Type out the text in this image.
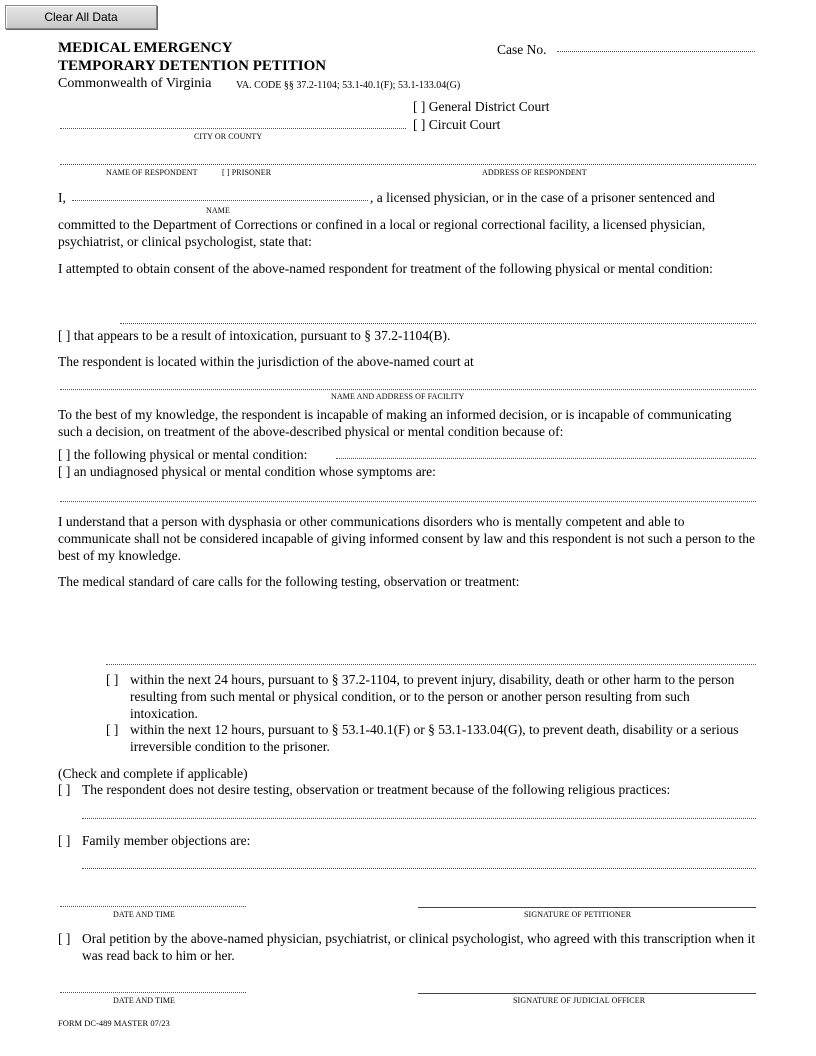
Clear All Data
MEDICAL EMERGENCY
TEMPORARY DETENTION PETITION
Commonwealth of Virginia VA. CODE §§ 37.2-1104; 53.1-40.1(F); 53.1-133.04(G)
Case No.
[ ] General District Court
[ ] Circuit Court
CITY OR COUNTY
NAME OF RESPONDENT	[ ] PRISONER	ADDRESS OF RESPONDENT
I,	, a licensed physician, or in the case of a prisoner sentenced and
NAME
committed to the Department of Corrections or confined in a local or regional correctional facility, a licensed physician, psychiatrist, or clinical psychologist, state that:
I attempted to obtain consent of the above-named respondent for treatment of the following physical or mental condition:
[ ] that appears to be a result of intoxication, pursuant to § 37.2-1104(B).
The respondent is located within the jurisdiction of the above-named court at
NAME AND ADDRESS OF FACILITY
To the best of my knowledge, the respondent is incapable of making an informed decision, or is incapable of communicating such a decision, on treatment of the above-described physical or mental condition because of:
[ ] the following physical or mental condition:
[ ] an undiagnosed physical or mental condition whose symptoms are:
I understand that a person with dysphasia or other communications disorders who is mentally competent and able to communicate shall not be considered incapable of giving informed consent by law and this respondent is not such a person to the best of my knowledge.
The medical standard of care calls for the following testing, observation or treatment:
[ ] within the next 24 hours, pursuant to § 37.2-1104, to prevent injury, disability, death or other harm to the person resulting from such mental or physical condition, or to the person or another person resulting from such intoxication.
[ ] within the next 12 hours, pursuant to § 53.1-40.1(F) or § 53.1-133.04(G), to prevent death, disability or a serious irreversible condition to the prisoner.
(Check and complete if applicable)
[ ] The respondent does not desire testing, observation or treatment because of the following religious practices:
[ ] Family member objections are:
DATE AND TIME	SIGNATURE OF PETITIONER
[ ] Oral petition by the above-named physician, psychiatrist, or clinical psychologist, who agreed with this transcription when it was read back to him or her.
DATE AND TIME	SIGNATURE OF JUDICIAL OFFICER
FORM DC-489 MASTER 07/23
